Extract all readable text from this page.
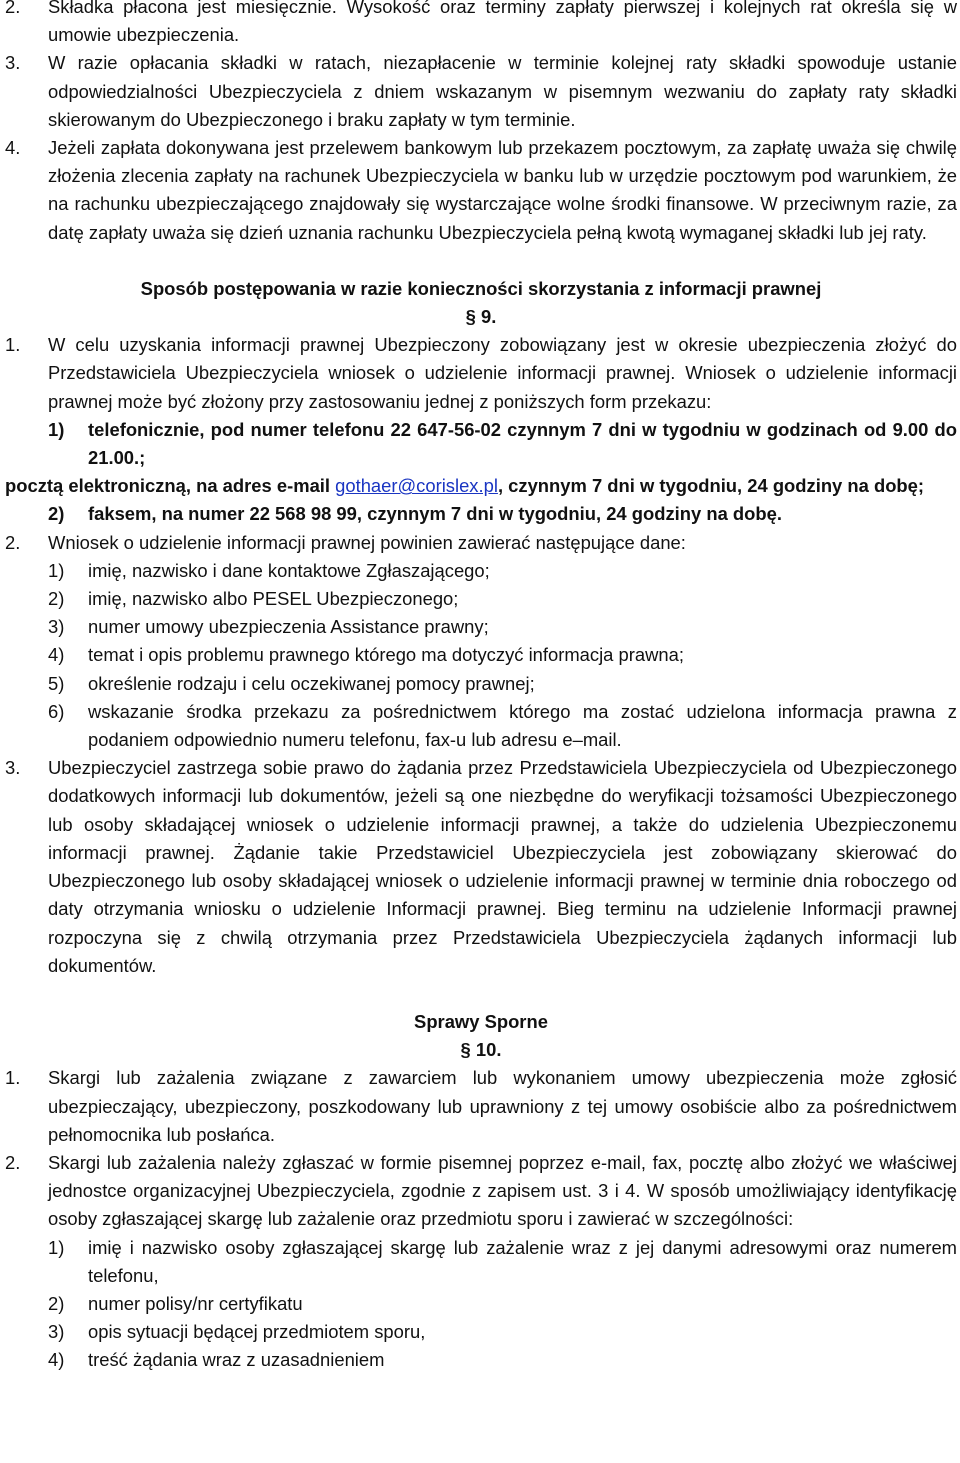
2.	Składka płacona jest miesięcznie. Wysokość oraz terminy zapłaty pierwszej i kolejnych rat określa się w umowie ubezpieczenia.
3.	W razie opłacania składki w ratach, niezapłacenie w terminie kolejnej raty składki spowoduje ustanie odpowiedzialności Ubezpieczyciela z dniem wskazanym w pisemnym wezwaniu do zapłaty raty składki skierowanym do Ubezpieczonego i braku zapłaty w tym terminie.
4.	Jeżeli zapłata dokonywana jest przelewem bankowym lub przekazem pocztowym, za zapłatę uważa się chwilę złożenia zlecenia zapłaty na rachunek Ubezpieczyciela w banku lub w urzędzie pocztowym pod warunkiem, że na rachunku ubezpieczającego znajdowały się wystarczające wolne środki finansowe. W przeciwnym razie, za datę zapłaty uważa się dzień uznania rachunku Ubezpieczyciela pełną kwotą wymaganej składki lub jej raty.
Sposób postępowania w razie konieczności skorzystania z informacji prawnej
§ 9.
1.	W celu uzyskania informacji prawnej Ubezpieczony zobowiązany jest w okresie ubezpieczenia złożyć do Przedstawiciela Ubezpieczyciela wniosek o udzielenie informacji prawnej. Wniosek o udzielenie informacji prawnej może być złożony przy zastosowaniu jednej z poniższych form przekazu:
1)	telefonicznie, pod numer telefonu 22 647-56-02 czynnym 7 dni w tygodniu w godzinach od 9.00 do 21.00.;
pocztą elektroniczną, na adres e-mail gothaer@corislex.pl, czynnym 7 dni w tygodniu, 24 godziny na dobę;
2)	faksem, na numer 22 568 98 99, czynnym 7 dni w tygodniu, 24 godziny na dobę.
2.	Wniosek o udzielenie informacji prawnej powinien zawierać następujące dane:
1)	imię, nazwisko i dane kontaktowe Zgłaszającego;
2)	imię, nazwisko albo PESEL Ubezpieczonego;
3)	numer umowy ubezpieczenia Assistance prawny;
4)	temat i opis problemu prawnego którego ma dotyczyć informacja prawna;
5)	określenie rodzaju i celu oczekiwanej pomocy prawnej;
6)	wskazanie środka przekazu za pośrednictwem którego ma zostać udzielona informacja prawna z podaniem odpowiednio numeru telefonu, fax-u lub adresu e–mail.
3.	Ubezpieczyciel zastrzega sobie prawo do żądania przez Przedstawiciela Ubezpieczyciela od Ubezpieczonego dodatkowych informacji lub dokumentów, jeżeli są one niezbędne do weryfikacji tożsamości Ubezpieczonego lub osoby składającej wniosek o udzielenie informacji prawnej, a także do udzielenia Ubezpieczonemu informacji prawnej. Żądanie takie Przedstawiciel Ubezpieczyciela jest zobowiązany skierować do Ubezpieczonego lub osoby składającej wniosek o udzielenie informacji prawnej w terminie dnia roboczego od daty otrzymania wniosku o udzielenie Informacji prawnej. Bieg terminu na udzielenie Informacji prawnej rozpoczyna się z chwilą otrzymania przez Przedstawiciela Ubezpieczyciela żądanych informacji lub dokumentów.
Sprawy Sporne
§ 10.
1.	Skargi lub zażalenia związane z zawarciem lub wykonaniem umowy ubezpieczenia może zgłosić ubezpieczający, ubezpieczony, poszkodowany lub uprawniony z tej umowy osobiście albo za pośrednictwem pełnomocnika lub posłańca.
2.	Skargi lub zażalenia należy zgłaszać w formie pisemnej poprzez e-mail, fax, pocztę albo złożyć we właściwej jednostce organizacyjnej Ubezpieczyciela, zgodnie z zapisem ust. 3 i 4. W sposób umożliwiający identyfikację osoby zgłaszającej skargę lub zażalenie oraz przedmiotu sporu i zawierać w szczególności:
1)	imię i nazwisko osoby zgłaszającej skargę lub zażalenie wraz z jej danymi adresowymi oraz numerem telefonu,
2)	numer polisy/nr certyfikatu
3)	opis sytuacji będącej przedmiotem sporu,
4)	treść żądania wraz z uzasadnieniem
